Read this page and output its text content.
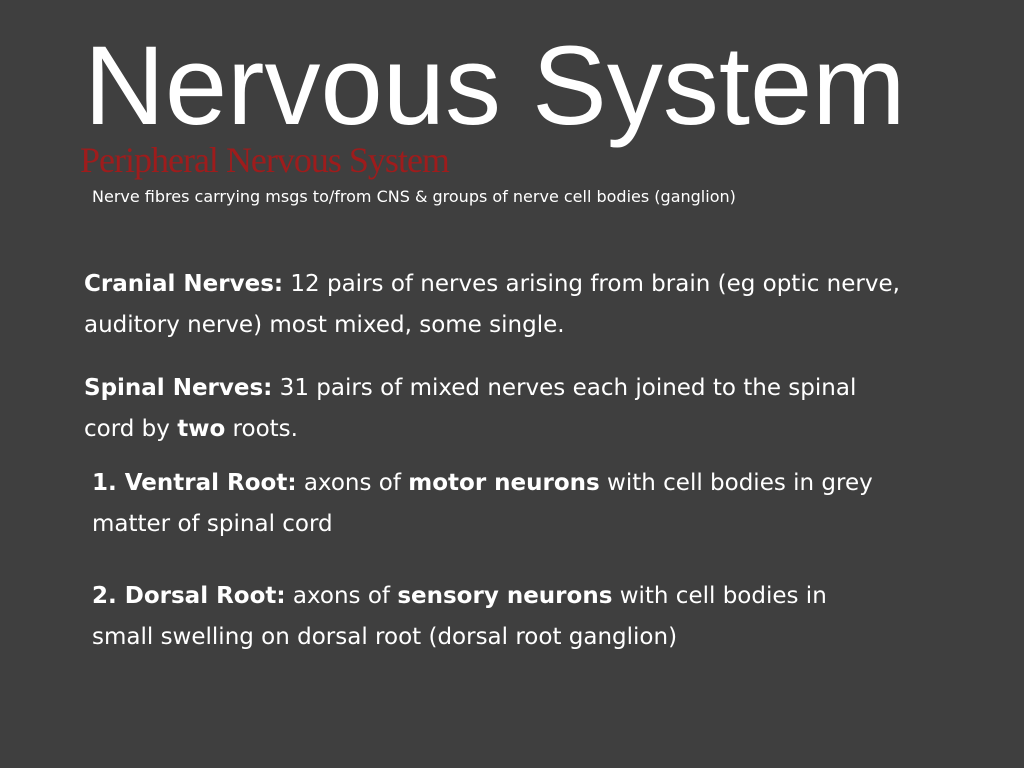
Nervous System
Peripheral Nervous System
Nerve fibres carrying msgs to/from CNS & groups of nerve cell bodies (ganglion)
Cranial Nerves: 12 pairs of nerves arising from brain (eg optic nerve, auditory nerve) most mixed, some single.
Spinal Nerves: 31 pairs of mixed nerves each joined to the spinal cord by two roots.
1. Ventral Root: axons of motor neurons with cell bodies in grey matter of spinal cord
2. Dorsal Root: axons of sensory neurons with cell bodies in small swelling on dorsal root (dorsal root ganglion)
